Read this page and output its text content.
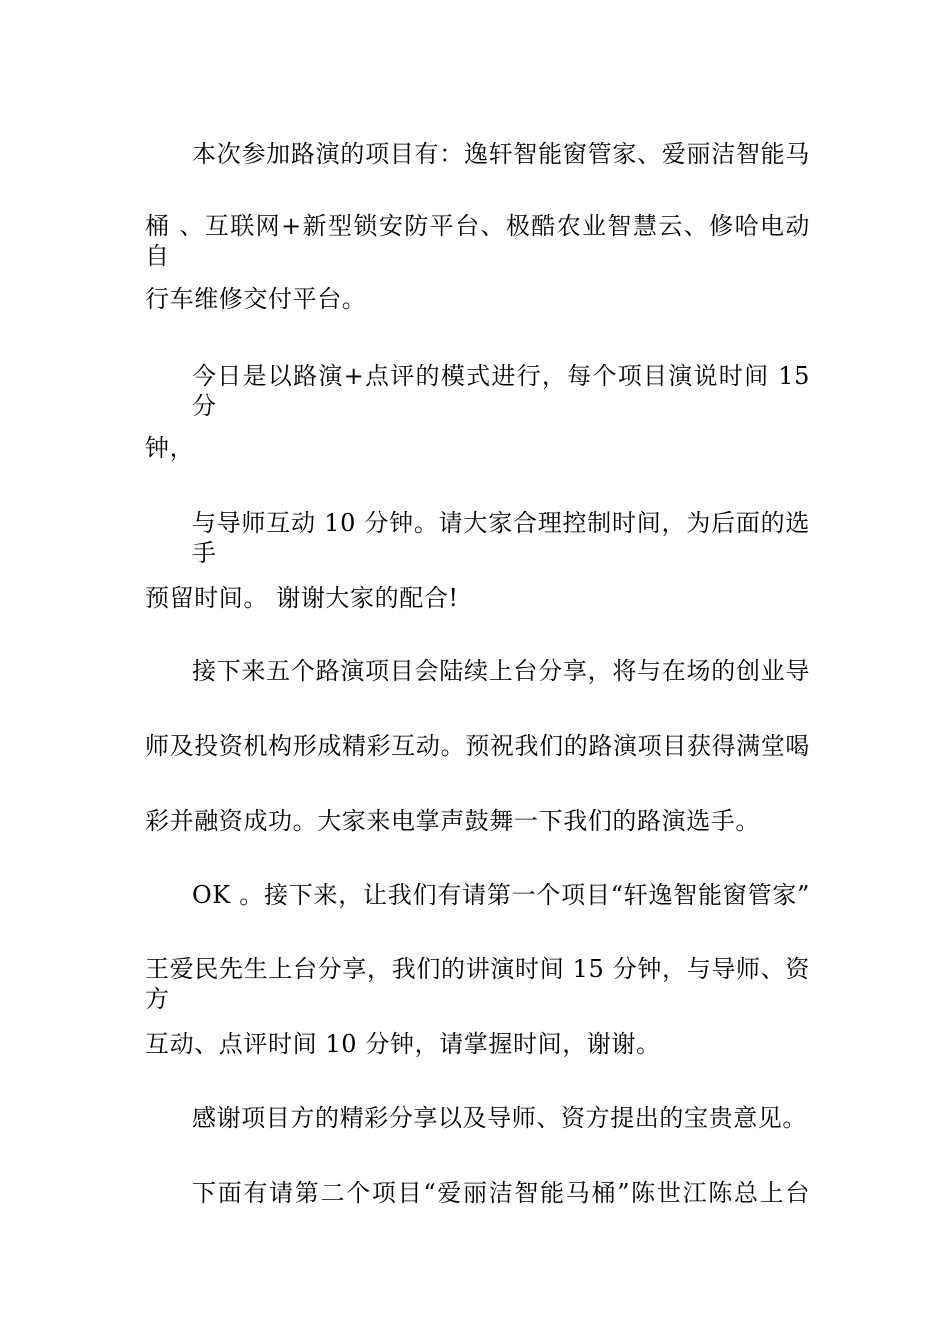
本次参加路演的项目有：逸轩智能窗管家、爱丽洁智能马
桶 、互联网+新型锁安防平台、极酷农业智慧云、修哈电动自
行车维修交付平台。
今日是以路演+点评的模式进行，每个项目演说时间 15 分
钟，
与导师互动 10 分钟。请大家合理控制时间，为后面的选手
预留时间。 谢谢大家的配合!
接下来五个路演项目会陆续上台分享，将与在场的创业导
师及投资机构形成精彩互动。预祝我们的路演项目获得满堂喝
彩并融资成功。大家来电掌声鼓舞一下我们的路演选手。
OK 。接下来，让我们有请第一个项目“轩逸智能窗管家”
王爱民先生上台分享，我们的讲演时间 15 分钟，与导师、资方
互动、点评时间 10 分钟，请掌握时间，谢谢。
感谢项目方的精彩分享以及导师、资方提出的宝贵意见。
下面有请第二个项目“爱丽洁智能马桶”陈世江陈总上台
